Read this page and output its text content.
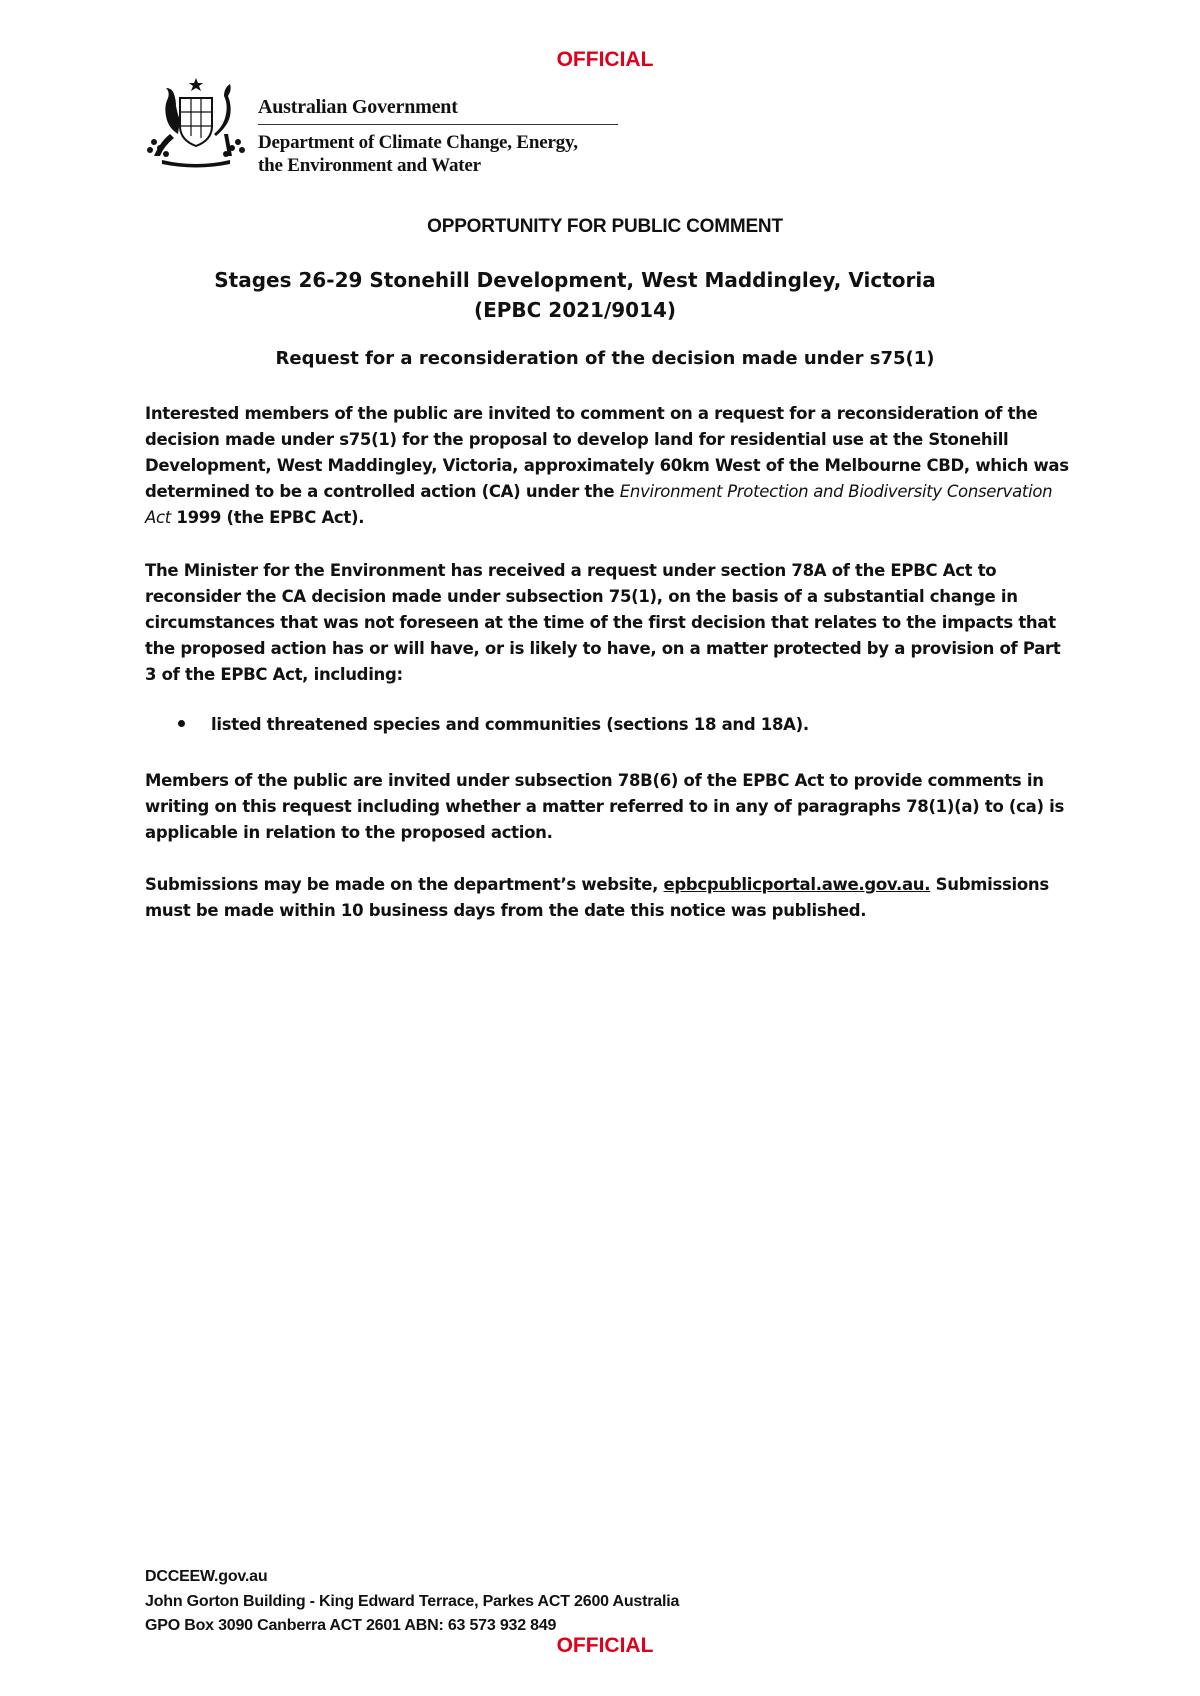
OFFICIAL
Australian Government
Department of Climate Change, Energy,
the Environment and Water
OPPORTUNITY FOR PUBLIC COMMENT
Stages 26-29 Stonehill Development, West Maddingley, Victoria (EPBC 2021/9014)
Request for a reconsideration of the decision made under s75(1)

Interested members of the public are invited to comment on a request for a reconsideration of the decision made under s75(1) for the proposal to develop land for residential use at the Stonehill Development, West Maddingley, Victoria, approximately 60km West of the Melbourne CBD, which was determined to be a controlled action (CA) under the Environment Protection and Biodiversity Conservation Act 1999 (the EPBC Act).

The Minister for the Environment has received a request under section 78A of the EPBC Act to reconsider the CA decision made under subsection 75(1), on the basis of a substantial change in circumstances that was not foreseen at the time of the first decision that relates to the impacts that the proposed action has or will have, or is likely to have, on a matter protected by a provision of Part 3 of the EPBC Act, including:

listed threatened species and communities (sections 18 and 18A).

Members of the public are invited under subsection 78B(6) of the EPBC Act to provide comments in writing on this request including whether a matter referred to in any of paragraphs 78(1)(a) to (ca) is applicable in relation to the proposed action.

Submissions may be made on the department’s website, epbcpublicportal.awe.gov.au. Submissions must be made within 10 business days from the date this notice was published.

DCCEEW.gov.au
John Gorton Building - King Edward Terrace, Parkes ACT 2600 Australia
GPO Box 3090 Canberra ACT 2601 ABN: 63 573 932 849
OFFICIAL
